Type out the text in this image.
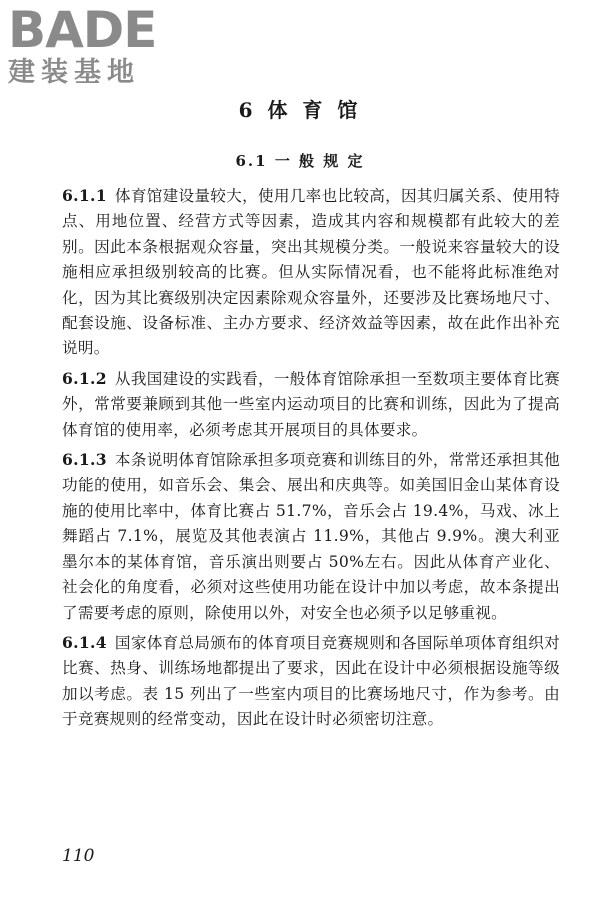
BADE
建装基地
6 体 育 馆
6.1 一 般 规 定

6.1.1 体育馆建设量较大，使用几率也比较高，因其归属关系、使用特点、用地位置、经营方式等因素，造成其内容和规模都有此较大的差别。因此本条根据观众容量，突出其规模分类。一般说来容量较大的设施相应承担级别较高的比赛。但从实际情况看，也不能将此标准绝对化，因为其比赛级别决定因素除观众容量外，还要涉及比赛场地尺寸、配套设施、设备标准、主办方要求、经济效益等因素，故在此作出补充说明。

6.1.2 从我国建设的实践看，一般体育馆除承担一至数项主要体育比赛外，常常要兼顾到其他一些室内运动项目的比赛和训练，因此为了提高体育馆的使用率，必须考虑其开展项目的具体要求。

6.1.3 本条说明体育馆除承担多项竞赛和训练目的外，常常还承担其他功能的使用，如音乐会、集会、展出和庆典等。如美国旧金山某体育设施的使用比率中，体育比赛占 51.7%，音乐会占 19.4%，马戏、冰上舞蹈占 7.1%，展览及其他表演占 11.9%，其他占 9.9%。澳大利亚墨尔本的某体育馆，音乐演出则要占 50%左右。因此从体育产业化、社会化的角度看，必须对这些使用功能在设计中加以考虑，故本条提出了需要考虑的原则，除使用以外，对安全也必须予以足够重视。

6.1.4 国家体育总局颁布的体育项目竞赛规则和各国际单项体育组织对比赛、热身、训练场地都提出了要求，因此在设计中必须根据设施等级加以考虑。表 15 列出了一些室内项目的比赛场地尺寸，作为参考。由于竞赛规则的经常变动，因此在设计时必须密切注意。

110
